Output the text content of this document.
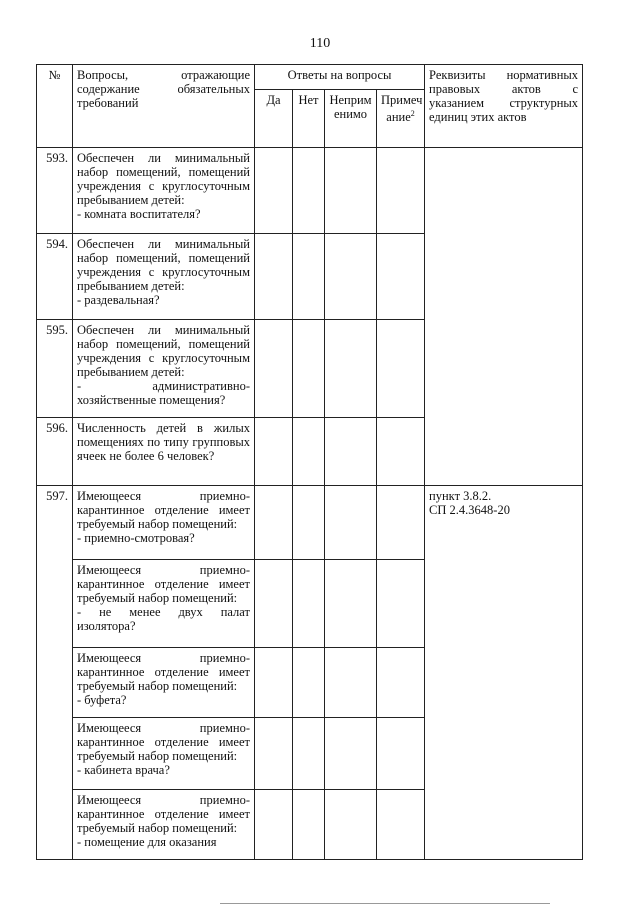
110
№	Вопросы, отражающие содержание обязательных требований	Ответы на вопросы				Реквизиты нормативных правовых актов с указанием структурных единиц этих актов
		Да	Нет	Неприм енимо	Примеч ание$^2$
593.	Обеспечен ли минимальный набор помещений, помещений учреждения с круглосуточным пребыванием детей:
- комната воспитателя?					
594.	Обеспечен ли минимальный набор помещений, помещений учреждения с круглосуточным пребыванием детей:
- раздевальная?					
595.	Обеспечен ли минимальный набор помещений, помещений учреждения с круглосуточным пребыванием детей:
- административно-хозяйственные помещения?					
596.	Численность детей в жилых помещениях по типу групповых ячеек не более 6 человек?					
597.	Имеющееся приемно-карантинное отделение имеет требуемый набор помещений:
- приемно-смотровая?					пункт 3.8.2.
СП 2.4.3648-20
	Имеющееся приемно-карантинное отделение имеет требуемый набор помещений:
- не менее двух палат изолятора?					
	Имеющееся приемно-карантинное отделение имеет требуемый набор помещений:
- буфета?					
	Имеющееся приемно-карантинное отделение имеет требуемый набор помещений:
- кабинета врача?					
	Имеющееся приемно-карантинное отделение имеет требуемый набор помещений:
- помещение для оказания					
